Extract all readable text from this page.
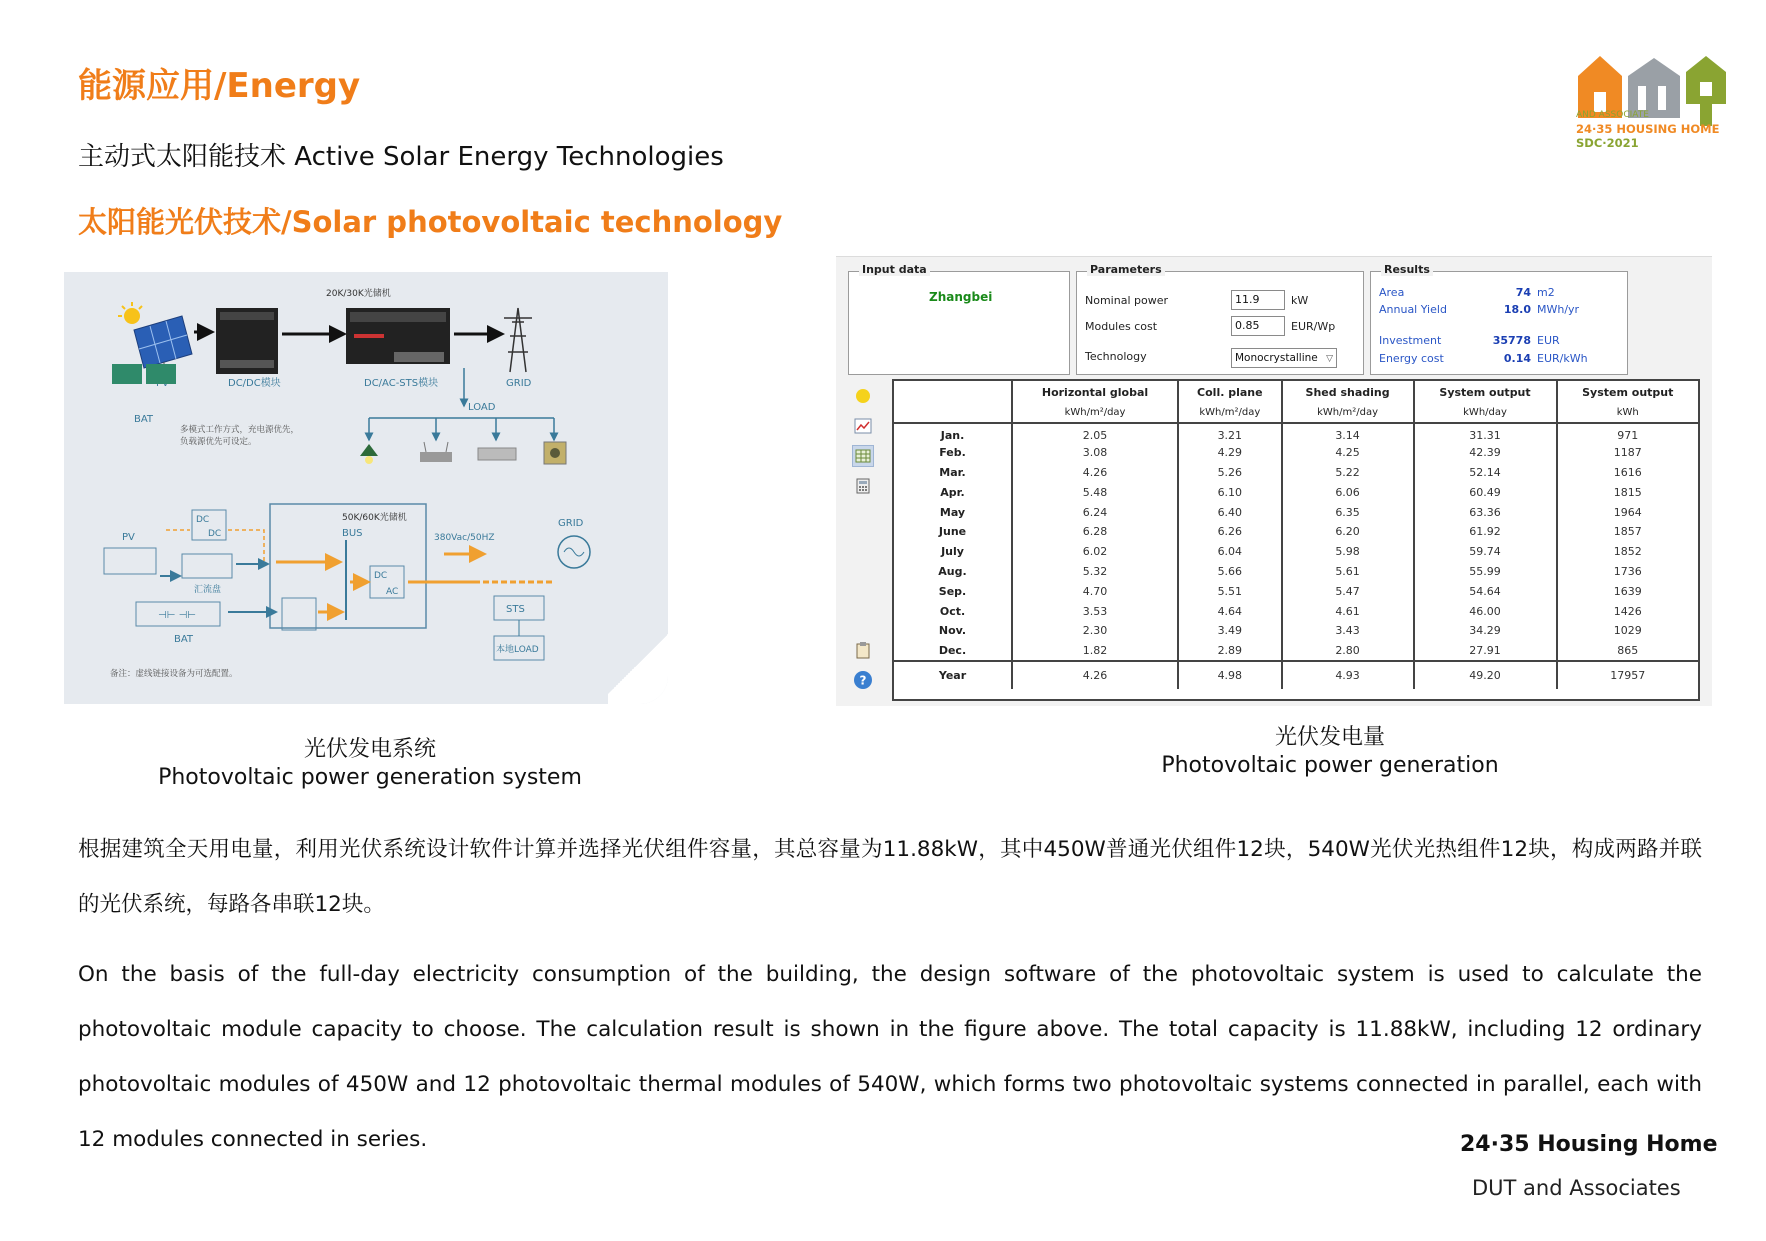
能源应用/Energy
主动式太阳能技术 Active Solar Energy Technologies
太阳能光伏技术/Solar photovoltaic technology
AND ASSOCIATE
24·35 HOUSING HOME
SDC·2021
20K/30K光储机
DC/DC模块	DC/AC-STS模块	GRID
LOAD
BAT
多模式工作方式，充电源优先，
负载源优先可设定。
50K/60K光储机
PV
汇流盘
DC
DC	BUS
DC
AC
380Vac/50HZ
GRID
STS
本地LOAD
⊣⊢ ⊣⊢
BAT
备注：虚线链接设备为可选配置。
光伏发电系统
Photovoltaic power generation system
光伏发电量
Photovoltaic power generation
Input data
Zhangbei
Parameters
Nominal power	11.9	kW
Modules cost	0.85	EUR/Wp
Technology	Monocrystalline ▽
Results
Area	74 m2
Annual Yield	18.0 MWh/yr
Investment	35778 EUR
Energy cost	0.14 EUR/kWh
?
	Horizontal global	Coll. plane	Shed shading	System output	System output
	kWh/m²/day	kWh/m²/day	kWh/m²/day	kWh/day	kWh
Jan.	2.05	3.21	3.14	31.31	971
Feb.	3.08	4.29	4.25	42.39	1187
Mar.	4.26	5.26	5.22	52.14	1616
Apr.	5.48	6.10	6.06	60.49	1815
May	6.24	6.40	6.35	63.36	1964
June	6.28	6.26	6.20	61.92	1857
July	6.02	6.04	5.98	59.74	1852
Aug.	5.32	5.66	5.61	55.99	1736
Sep.	4.70	5.51	5.47	54.64	1639
Oct.	3.53	4.64	4.61	46.00	1426
Nov.	2.30	3.49	3.43	34.29	1029
Dec.	1.82	2.89	2.80	27.91	865
Year	4.26	4.98	4.93	49.20	17957

根据建筑全天用电量，利用光伏系统设计软件计算并选择光伏组件容量，其总容量为11.88kW，其中450W普通光伏组件12块，540W光伏光热组件12块，构成两路并联的光伏系统，每路各串联12块。

On the basis of the full-day electricity consumption of the building, the design software of the photovoltaic system is used to calculate the photovoltaic module capacity to choose. The calculation result is shown in the figure above. The total capacity is 11.88kW, including 12 ordinary photovoltaic modules of 450W and 12 photovoltaic thermal modules of 540W, which forms two photovoltaic systems connected in parallel, each with 12 modules connected in series.	24·35 Housing Home
DUT and Associates
